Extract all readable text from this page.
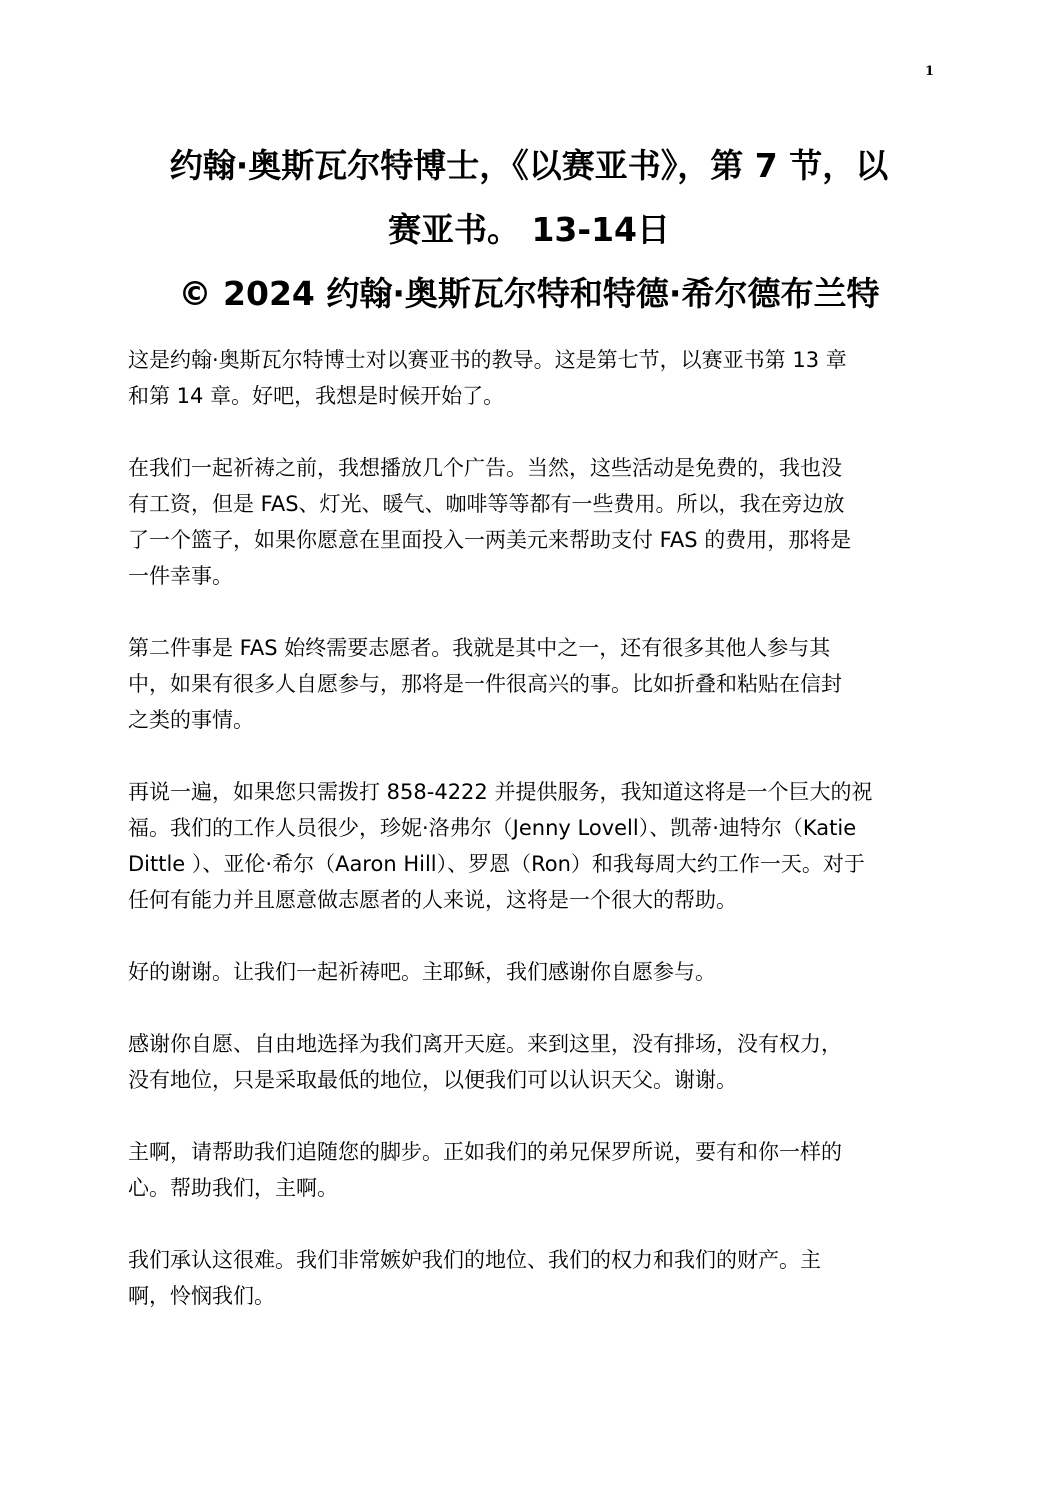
1
约翰·奥斯瓦尔特博士，《以赛亚书》，第 7 节，以
赛亚书。 13-14日
© 2024 约翰·奥斯瓦尔特和特德·希尔德布兰特

这是约翰·奥斯瓦尔特博士对以赛亚书的教导。这是第七节，以赛亚书第 13 章
和第 14 章。好吧，我想是时候开始了。

在我们一起祈祷之前，我想播放几个广告。当然，这些活动是免费的，我也没
有工资，但是 FAS、灯光、暖气、咖啡等等都有一些费用。所以，我在旁边放
了一个篮子，如果你愿意在里面投入一两美元来帮助支付 FAS 的费用，那将是
一件幸事。

第二件事是 FAS 始终需要志愿者。我就是其中之一，还有很多其他人参与其
中，如果有很多人自愿参与，那将是一件很高兴的事。比如折叠和粘贴在信封
之类的事情。

再说一遍，如果您只需拨打 858-4222 并提供服务，我知道这将是一个巨大的祝
福。我们的工作人员很少，珍妮·洛弗尔（Jenny Lovell）、凯蒂·迪特尔（Katie
Dittle ）、亚伦·希尔（Aaron Hill）、罗恩（Ron）和我每周大约工作一天。对于
任何有能力并且愿意做志愿者的人来说，这将是一个很大的帮助。

好的谢谢。让我们一起祈祷吧。主耶稣，我们感谢你自愿参与。

感谢你自愿、自由地选择为我们离开天庭。来到这里，没有排场，没有权力，
没有地位，只是采取最低的地位，以便我们可以认识天父。谢谢。

主啊，请帮助我们追随您的脚步。正如我们的弟兄保罗所说，要有和你一样的
心。帮助我们，主啊。

我们承认这很难。我们非常嫉妒我们的地位、我们的权力和我们的财产。主
啊，怜悯我们。
